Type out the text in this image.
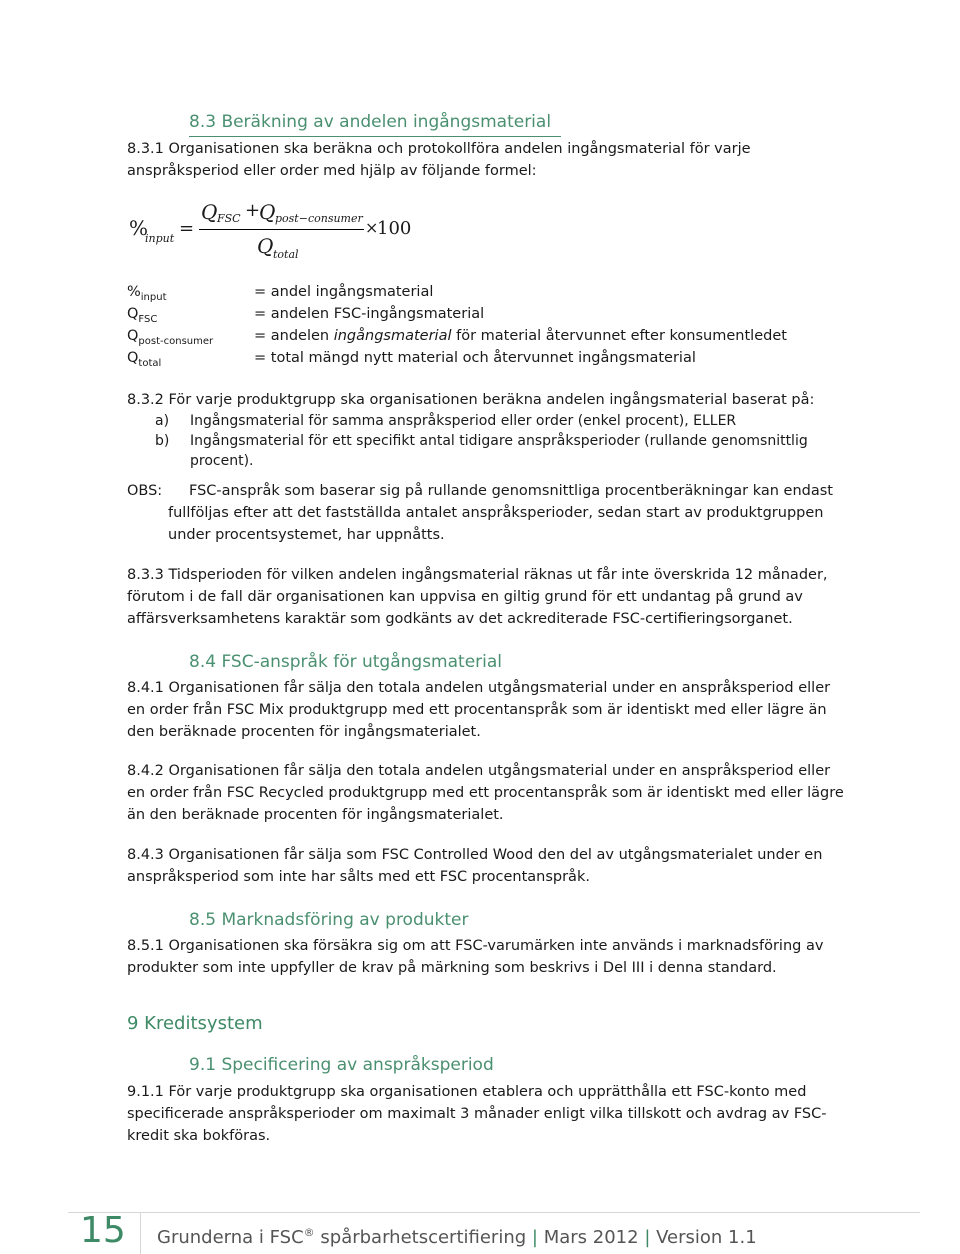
8.3 Beräkning av andelen ingångsmaterial
8.3.1 Organisationen ska beräkna och protokollföra andelen ingångsmaterial för varje
anspråksperiod eller order med hjälp av följande formel:
%
input =
Q FSC +
Q post−consumer
Q total
×
100
$\%_{input}$	= andel ingångsmaterial
$Q_{FSC}$	= andelen FSC-ingångsmaterial
$Q_{post-consumer}$	= andelen ingångsmaterial för material återvunnet efter konsumentledet
$Q_{total}$	= total mängd nytt material och återvunnet ingångsmaterial
8.3.2 För varje produktgrupp ska organisationen beräkna andelen ingångsmaterial baserat på:
a) Ingångsmaterial för samma anspråksperiod eller order (enkel procent), ELLER
b) Ingångsmaterial för ett specifikt antal tidigare anspråksperioder (rullande genomsnittlig
procent).
OBS: FSC-anspråk som baserar sig på rullande genomsnittliga procentberäkningar kan endast
fullföljas efter att det fastställda antalet anspråksperioder, sedan start av produktgruppen
under procentsystemet, har uppnåtts.
8.3.3 Tidsperioden för vilken andelen ingångsmaterial räknas ut får inte överskrida 12 månader,
förutom i de fall där organisationen kan uppvisa en giltig grund för ett undantag på grund av
affärsverksamhetens karaktär som godkänts av det ackrediterade FSC-certifieringsorganet.
8.4 FSC-anspråk för utgångsmaterial
8.4.1 Organisationen får sälja den totala andelen utgångsmaterial under en anspråksperiod eller
en order från FSC Mix produktgrupp med ett procentanspråk som är identiskt med eller lägre än
den beräknade procenten för ingångsmaterialet.
8.4.2 Organisationen får sälja den totala andelen utgångsmaterial under en anspråksperiod eller
en order från FSC Recycled produktgrupp med ett procentanspråk som är identiskt med eller lägre
än den beräknade procenten för ingångsmaterialet.
8.4.3 Organisationen får sälja som FSC Controlled Wood den del av utgångsmaterialet under en
anspråksperiod som inte har sålts med ett FSC procentanspråk.
8.5 Marknadsföring av produkter
8.5.1 Organisationen ska försäkra sig om att FSC-varumärken inte används i marknadsföring av
produkter som inte uppfyller de krav på märkning som beskrivs i Del III i denna standard.
9 Kreditsystem
9.1 Specificering av anspråksperiod
9.1.1 För varje produktgrupp ska organisationen etablera och upprätthålla ett FSC-konto med
specificerade anspråksperioder om maximalt 3 månader enligt vilka tillskott och avdrag av FSC-
kredit ska bokföras.
15 Grunderna i FSC® spårbarhetscertifiering | Mars 2012 | Version 1.1
